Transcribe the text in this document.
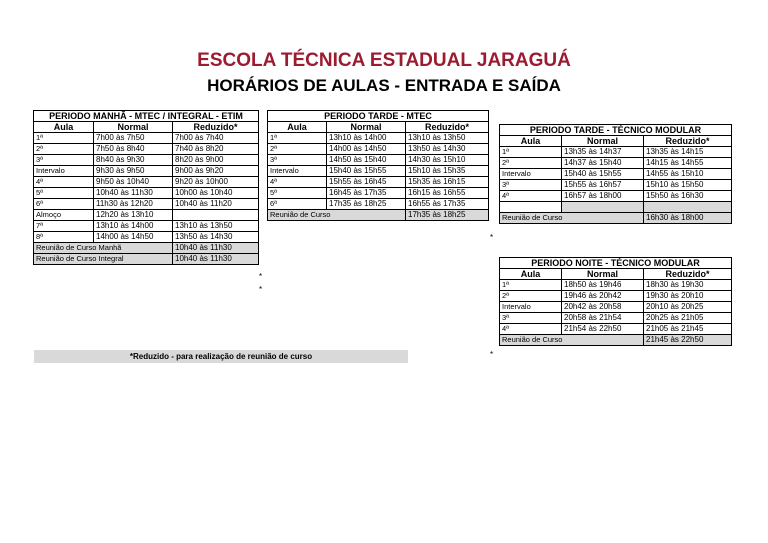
ESCOLA TÉCNICA ESTADUAL JARAGUÁ
HORÁRIOS DE AULAS - ENTRADA E SAÍDA
PERIODO MANHÃ - MTEC / INTEGRAL - ETIM		
Aula	Normal	Reduzido*
1ª	7h00 às 7h50	7h00 às 7h40
2ª	7h50 às 8h40	7h40 às 8h20
3ª	8h40 às 9h30	8h20 às 9h00
Intervalo	9h30 às 9h50	9h00 às 9h20
4ª	9h50 às 10h40	9h20 às 10h00
5ª	10h40 às 11h30	10h00 às 10h40
6ª	11h30 às 12h20	10h40 às 11h20
Almoço	12h20 às 13h10	
7ª	13h10 às 14h00	13h10 às 13h50
8ª	14h00 às 14h50	13h50 às 14h30
Reunião de Curso Manhã		10h40 às 11h30
Reunião de Curso Integral		10h40 às 11h30
*
*
PERIODO TARDE - MTEC		
Aula	Normal	Reduzido*
1ª	13h10 às 14h00	13h10 às 13h50
2ª	14h00 às 14h50	13h50 às 14h30
3ª	14h50 às 15h40	14h30 às 15h10
Intervalo	15h40 às 15h55	15h10 às 15h35
4ª	15h55 às 16h45	15h35 às 16h15
5ª	16h45 às 17h35	16h15 às 16h55
6ª	17h35 às 18h25	16h55 às 17h35
Reunião de Curso		17h35 às 18h25
*
PERIODO TARDE - TÉCNICO MODULAR		
Aula	Normal	Reduzido*
1ª	13h35 às 14h37	13h35 às 14h15
2ª	14h37 às 15h40	14h15 às 14h55
Intervalo	15h40 às 15h55	14h55 às 15h10
3ª	15h55 às 16h57	15h10 às 15h50
4ª	16h57 às 18h00	15h50 às 16h30

Reunião de Curso		16h30 às 18h00
PERIODO NOITE - TÉCNICO MODULAR		
Aula	Normal	Reduzido*
1ª	18h50 às 19h46	18h30 às 19h30
2ª	19h46 às 20h42	19h30 às 20h10
Intervalo	20h42 às 20h58	20h10 às 20h25
3ª	20h58 às 21h54	20h25 às 21h05
4ª	21h54 às 22h50	21h05 às 21h45
Reunião de Curso		21h45 às 22h50
*
*Reduzido - para realização de reunião de curso
